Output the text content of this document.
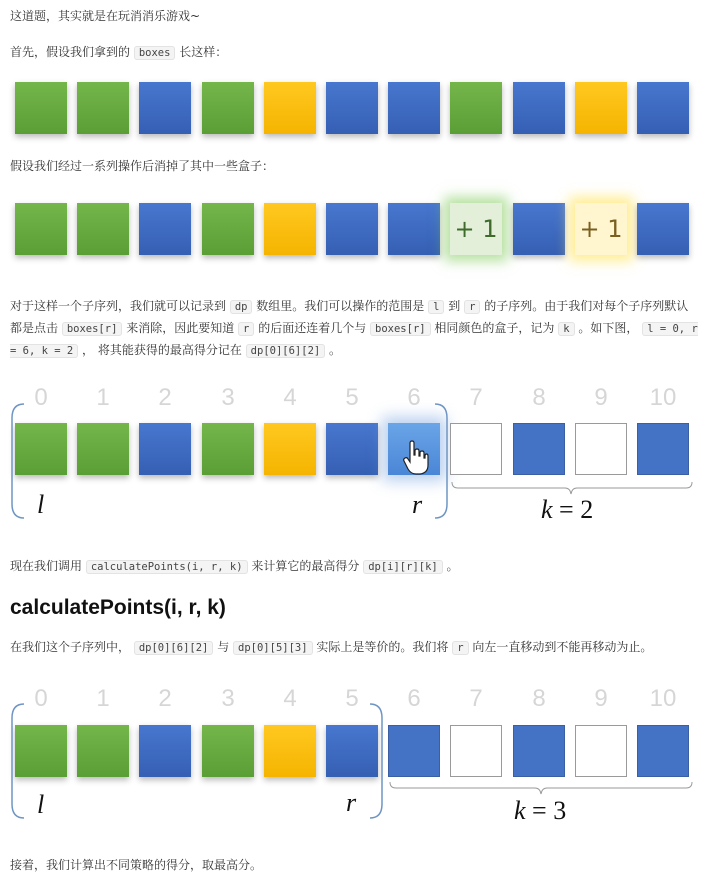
这道题，其实就是在玩消消乐游戏~
首先，假设我们拿到的 boxes 长这样：
假设我们经过一系列操作后消掉了其中一些盒子：
+ 1	+ 1
对于这样一个子序列，我们就可以记录到 dp 数组里。我们可以操作的范围是 l 到 r 的子序列。由于我们对每个子序列默认都是点击 boxes[r] 来消除，因此要知道 r 的后面还连着几个与 boxes[r] 相同颜色的盒子，记为 k 。如下图， l = 0, r = 6, k = 2 ， 将其能获得的最高得分记在 dp[0][6][2] 。
0	1	2	3	4	5	6	7	8	9	10
l	r	k = 2
现在我们调用 calculatePoints(i, r, k) 来计算它的最高得分 dp[i][r][k] 。
calculatePoints(i, r, k)
在我们这个子序列中， dp[0][6][2] 与 dp[0][5][3] 实际上是等价的。我们将 r 向左一直移动到不能再移动为止。
0	1	2	3	4	5	6	7	8	9	10
l	r	k = 3
接着，我们计算出不同策略的得分，取最高分。
